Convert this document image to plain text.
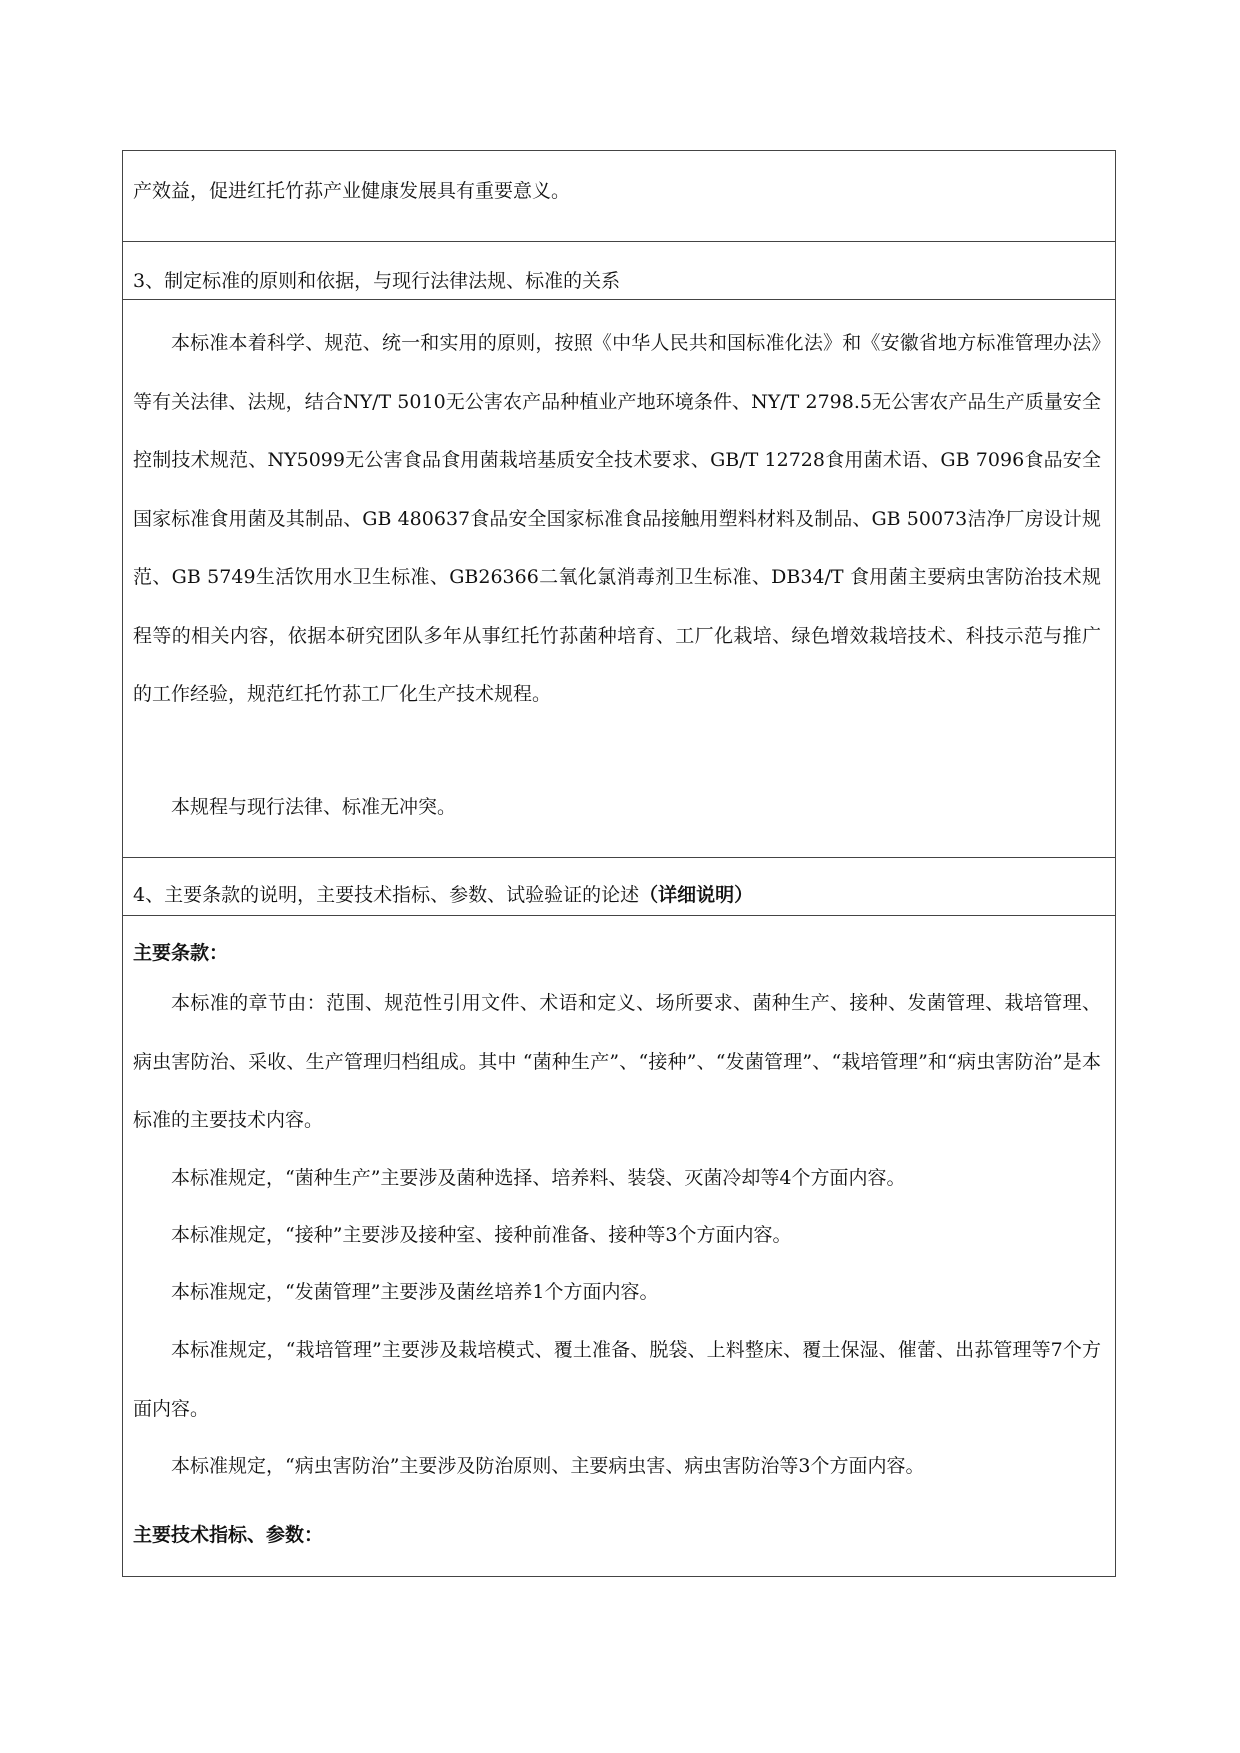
产效益，促进红托竹荪产业健康发展具有重要意义。

3、制定标准的原则和依据，与现行法律法规、标准的关系

本标准本着科学、规范、统一和实用的原则，按照《中华人民共和国标准化法》和《安徽省地方标准管理办法》等有关法律、法规，结合NY/T 5010无公害农产品种植业产地环境条件、NY/T 2798.5无公害农产品生产质量安全控制技术规范、NY5099无公害食品食用菌栽培基质安全技术要求、GB/T 12728食用菌术语、GB 7096食品安全国家标准食用菌及其制品、GB 480637食品安全国家标准食品接触用塑料材料及制品、GB 50073洁净厂房设计规范、GB 5749生活饮用水卫生标准、GB26366二氧化氯消毒剂卫生标准、DB34/T 食用菌主要病虫害防治技术规程等的相关内容，依据本研究团队多年从事红托竹荪菌种培育、工厂化栽培、绿色增效栽培技术、科技示范与推广的工作经验，规范红托竹荪工厂化生产技术规程。

本规程与现行法律、标准无冲突。

4、主要条款的说明，主要技术指标、参数、试验验证的论述（详细说明）

主要条款：

本标准的章节由：范围、规范性引用文件、术语和定义、场所要求、菌种生产、接种、发菌管理、栽培管理、病虫害防治、采收、生产管理归档组成。其中 “菌种生产”、“接种”、“发菌管理”、“栽培管理”和“病虫害防治”是本标准的主要技术内容。

本标准规定，“菌种生产”主要涉及菌种选择、培养料、装袋、灭菌冷却等4个方面内容。

本标准规定，“接种”主要涉及接种室、接种前准备、接种等3个方面内容。

本标准规定，“发菌管理”主要涉及菌丝培养1个方面内容。

本标准规定，“栽培管理”主要涉及栽培模式、覆土准备、脱袋、上料整床、覆土保湿、催蕾、出荪管理等7个方面内容。

本标准规定，“病虫害防治”主要涉及防治原则、主要病虫害、病虫害防治等3个方面内容。

主要技术指标、参数：
